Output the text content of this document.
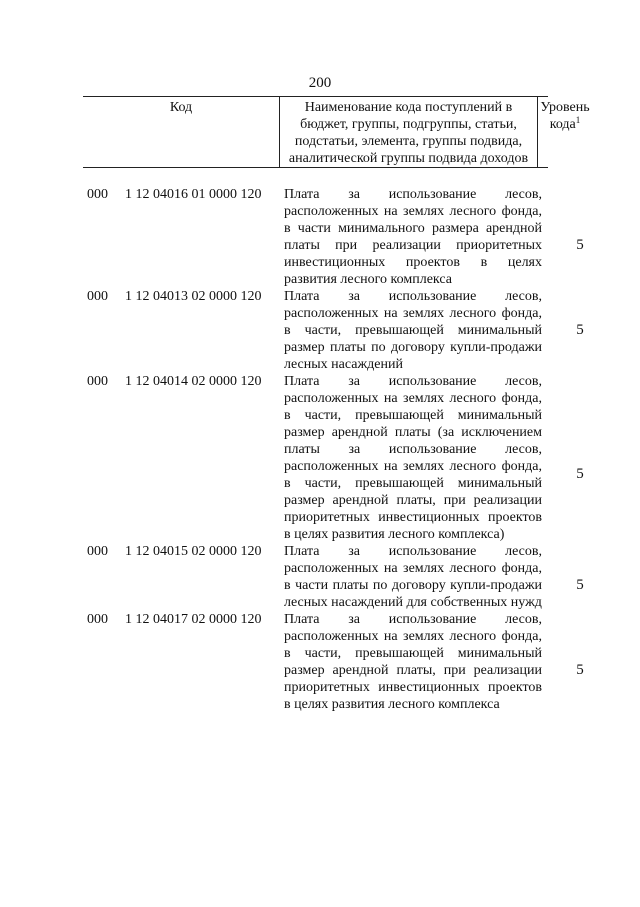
200
Код	Наименование кода поступлений в бюджет, группы, подгруппы, статьи, подстатьи, элемента, группы подвида, аналитической группы подвида доходов
Уровень кода$^1$
000 1 12 04016 01 0000 120 Плата за использование лесов, расположенных на землях лесного фонда, в части минимального размера арендной платы при реализации приоритетных инвестиционных проектов в целях развития лесного комплекса
5
000 1 12 04013 02 0000 120 Плата за использование лесов, расположенных на землях лесного фонда, в части, превышающей минимальный размер платы по договору купли-продажи лесных насаждений
5
000 1 12 04014 02 0000 120 Плата за использование лесов, расположенных на землях лесного фонда, в части, превышающей минимальный размер арендной платы (за исключением платы за использование лесов, расположенных на землях лесного фонда, в части, превышающей минимальный размер арендной платы, при реализации приоритетных инвестиционных проектов в целях развития лесного комплекса)
5
000 1 12 04015 02 0000 120 Плата за использование лесов, расположенных на землях лесного фонда, в части платы по договору купли-продажи лесных насаждений для собственных нужд
5
000 1 12 04017 02 0000 120 Плата за использование лесов, расположенных на землях лесного фонда, в части, превышающей минимальный размер арендной платы, при реализации приоритетных инвестиционных проектов в целях развития лесного комплекса
5
